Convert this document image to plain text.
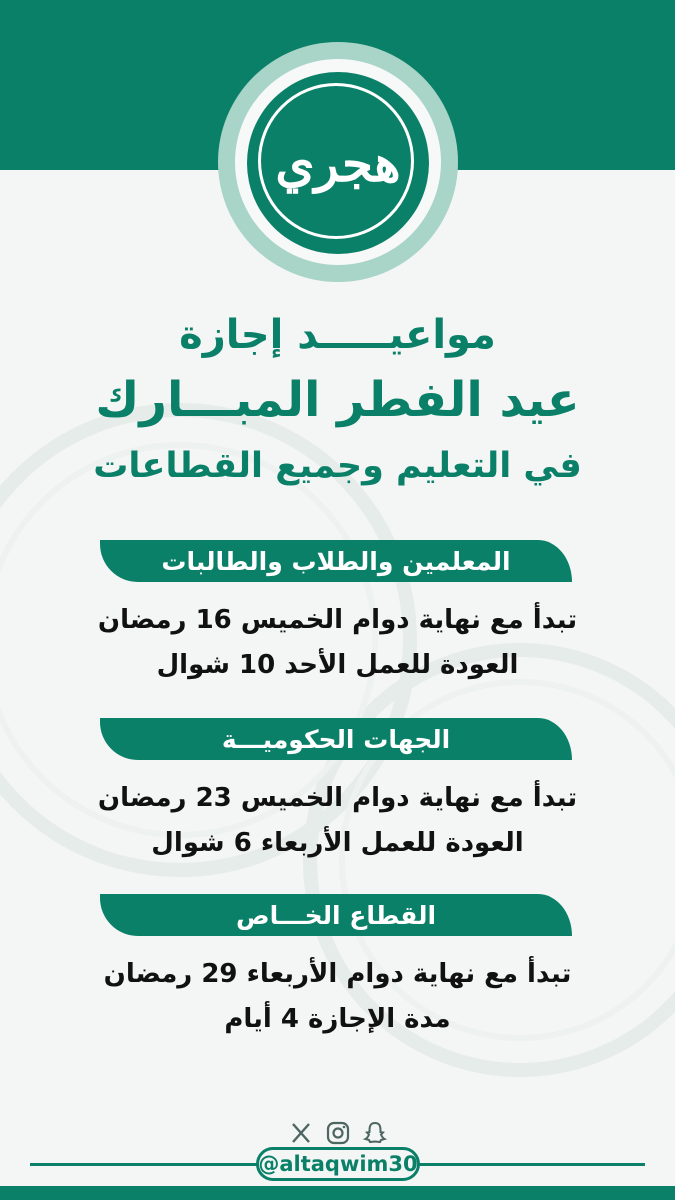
هجري
مواعيـــــد إجازة
عيد الفطر المبـــارك
في التعليم وجميع القطاعات
المعلمين والطلاب والطالبات
تبدأ مع نهاية دوام الخميس 16 رمضان
العودة للعمل الأحد 10 شوال
الجهات الحكوميـــة
تبدأ مع نهاية دوام الخميس 23 رمضان
العودة للعمل الأربعاء 6 شوال
القطاع الخـــاص
تبدأ مع نهاية دوام الأربعاء 29 رمضان
مدة الإجازة 4 أيام
@altaqwim30
